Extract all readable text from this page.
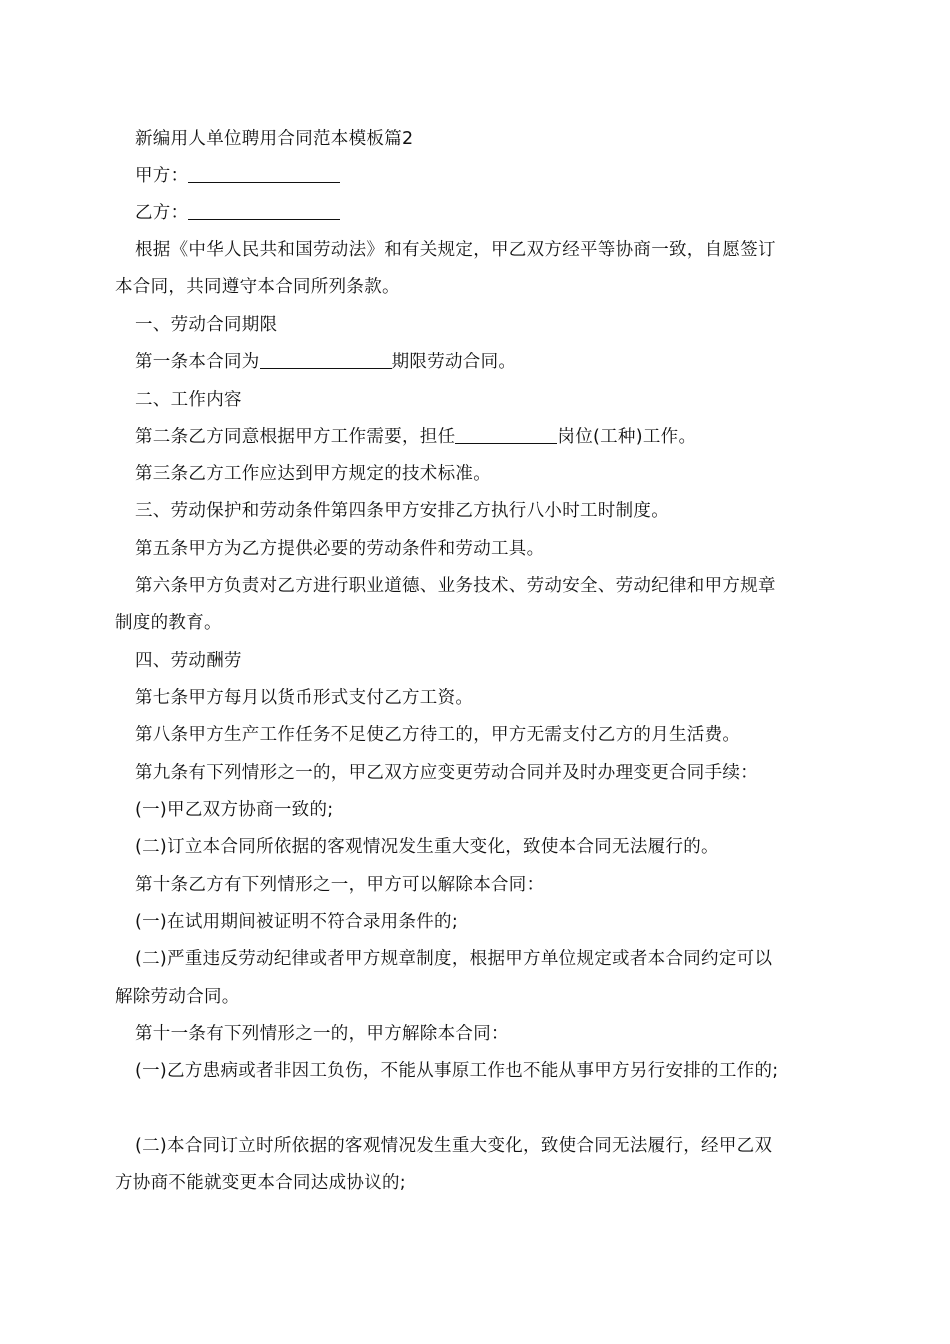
新编用人单位聘用合同范本模板篇2
甲方：
乙方：
根据《中华人民共和国劳动法》和有关规定，甲乙双方经平等协商一致，自愿签订
本合同，共同遵守本合同所列条款。
一、劳动合同期限
第一条本合同为	期限劳动合同。
二、工作内容
第二条乙方同意根据甲方工作需要，担任	岗位(工种)工作。
第三条乙方工作应达到甲方规定的技术标准。
三、劳动保护和劳动条件第四条甲方安排乙方执行八小时工时制度。
第五条甲方为乙方提供必要的劳动条件和劳动工具。
第六条甲方负责对乙方进行职业道德、业务技术、劳动安全、劳动纪律和甲方规章
制度的教育。
四、劳动酬劳
第七条甲方每月以货币形式支付乙方工资。
第八条甲方生产工作任务不足使乙方待工的，甲方无需支付乙方的月生活费。
第九条有下列情形之一的，甲乙双方应变更劳动合同并及时办理变更合同手续：
(一)甲乙双方协商一致的;
(二)订立本合同所依据的客观情况发生重大变化，致使本合同无法履行的。
第十条乙方有下列情形之一，甲方可以解除本合同：
(一)在试用期间被证明不符合录用条件的;
(二)严重违反劳动纪律或者甲方规章制度，根据甲方单位规定或者本合同约定可以
解除劳动合同。
第十一条有下列情形之一的，甲方解除本合同：
(一)乙方患病或者非因工负伤，不能从事原工作也不能从事甲方另行安排的工作的;
(二)本合同订立时所依据的客观情况发生重大变化，致使合同无法履行，经甲乙双
方协商不能就变更本合同达成协议的;
